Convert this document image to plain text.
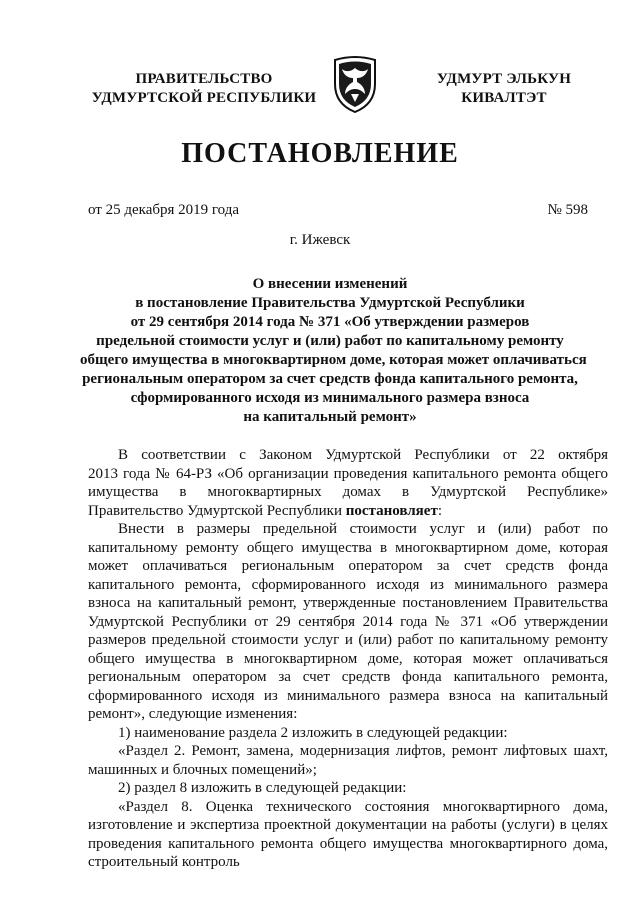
ПРАВИТЕЛЬСТВО
УДМУРТСКОЙ РЕСПУБЛИКИ
УДМУРТ ЭЛЬКУН
КИВАЛТЭТ
ПОСТАНОВЛЕНИЕ
от 25 декабря 2019 года	№ 598
г. Ижевск
О внесении изменений
в постановление Правительства Удмуртской Республики
от 29 сентября 2014 года № 371 «Об утверждении размеров
предельной стоимости услуг и (или) работ по капитальному ремонту
общего имущества в многоквартирном доме, которая может оплачиваться
региональным оператором за счет средств фонда капитального ремонта,
сформированного исходя из минимального размера взноса
на капитальный ремонт»
В соответствии с Законом Удмуртской Республики от 22 октября
2013 года № 64-РЗ «Об организации проведения капитального ремонта общего
имущества в многоквартирных домах в Удмуртской Республике»
Правительство Удмуртской Республики постановляет:
Внести в размеры предельной стоимости услуг и (или) работ по
капитальному ремонту общего имущества в многоквартирном доме, которая
может оплачиваться региональным оператором за счет средств фонда
капитального ремонта, сформированного исходя из минимального размера
взноса на капитальный ремонт, утвержденные постановлением Правительства
Удмуртской Республики от 29 сентября 2014 года № 371 «Об утверждении
размеров предельной стоимости услуг и (или) работ по капитальному ремонту
общего имущества в многоквартирном доме, которая может оплачиваться
региональным оператором за счет средств фонда капитального ремонта,
сформированного исходя из минимального размера взноса на капитальный
ремонт», следующие изменения:
1) наименование раздела 2 изложить в следующей редакции:
«Раздел 2. Ремонт, замена, модернизация лифтов, ремонт лифтовых шахт,
машинных и блочных помещений»;
2) раздел 8 изложить в следующей редакции:
«Раздел 8. Оценка технического состояния многоквартирного дома,
изготовление и экспертиза проектной документации на работы (услуги) в целях
проведения капитального ремонта общего имущества многоквартирного дома,
строительный контроль
